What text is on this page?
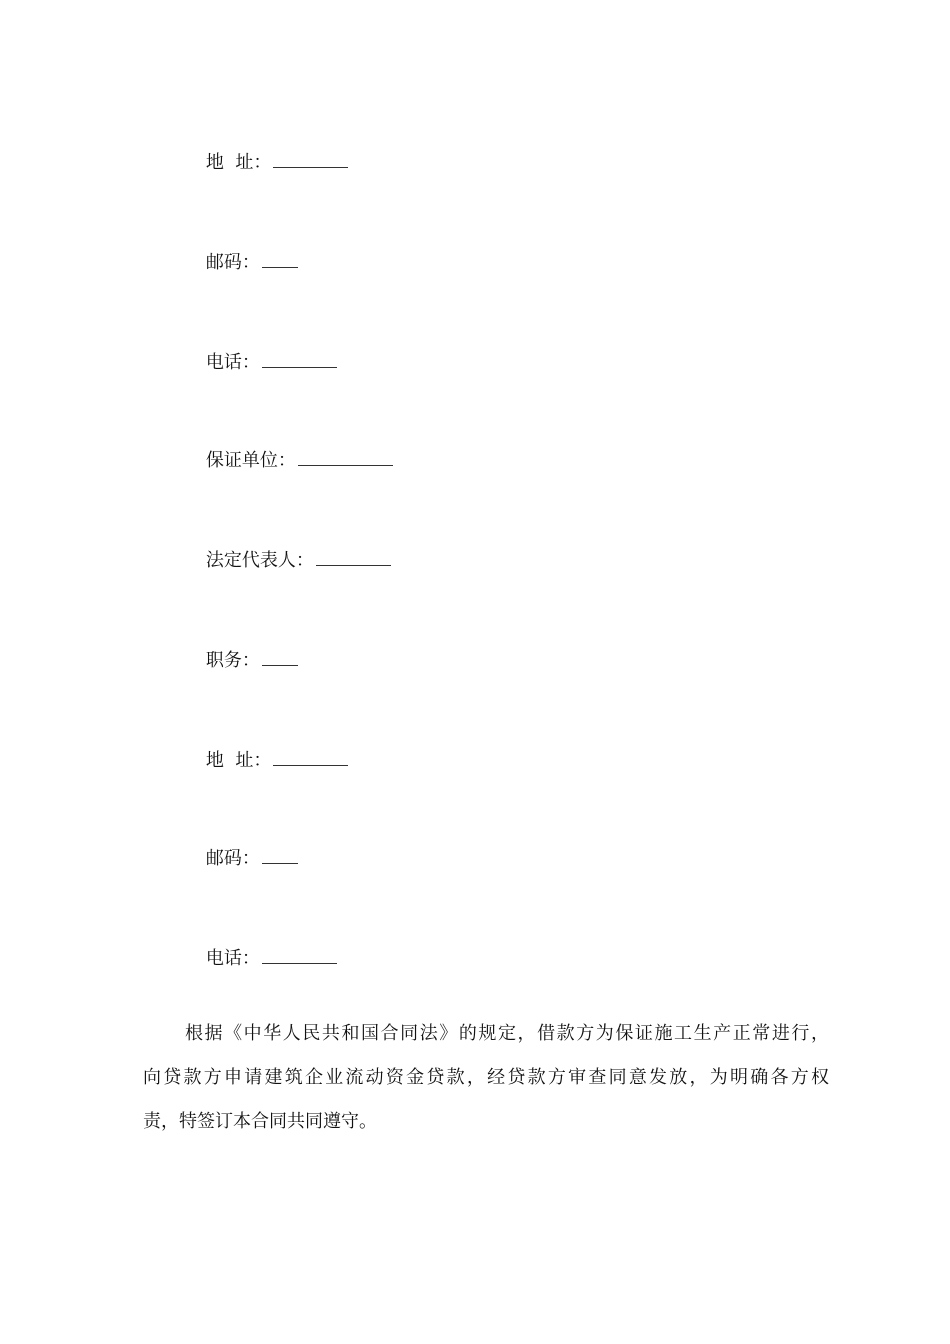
地  址：

邮码：

电话：

保证单位：

法定代表人：

职务：

地  址：

邮码：

电话：

根据《中华人民共和国合同法》的规定，借款方为保证施工生产正常进行，
向贷款方申请建筑企业流动资金贷款，经贷款方审查同意发放，为明确各方权
责，特签订本合同共同遵守。
